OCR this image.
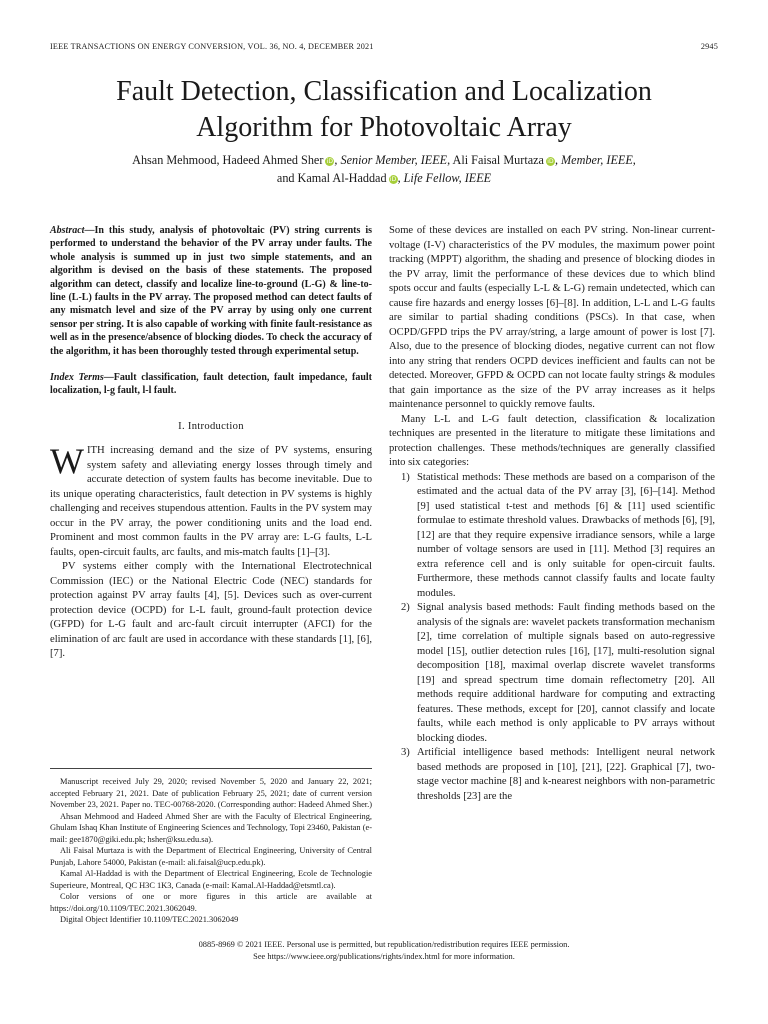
IEEE TRANSACTIONS ON ENERGY CONVERSION, VOL. 36, NO. 4, DECEMBER 2021	2945
Fault Detection, Classification and Localization
Algorithm for Photovoltaic Array
Ahsan Mehmood, Hadeed Ahmed Sher iD, Senior Member, IEEE, Ali Faisal Murtaza iD, Member, IEEE,
and Kamal Al-Haddad iD, Life Fellow, IEEE

Abstract—In this study, analysis of photovoltaic (PV) string currents is performed to understand the behavior of the PV array under faults. The whole analysis is summed up in just two simple statements, and an algorithm is devised on the basis of these statements. The proposed algorithm can detect, classify and localize line-to-ground (L-G) & line-to-line (L-L) faults in the PV array. The proposed method can detect faults of any mismatch level and size of the PV array by using only one current sensor per string. It is also capable of working with finite fault-resistance as well as in the presence/absence of blocking diodes. To check the accuracy of the algorithm, it has been thoroughly tested through experimental setup.

Index Terms—Fault classification, fault detection, fault impedance, fault localization, l-g fault, l-l fault.

I. Introduction

WITH increasing demand and the size of PV systems, ensuring system safety and alleviating energy losses through timely and accurate detection of system faults has become inevitable. Due to its unique operating characteristics, fault detection in PV systems is highly challenging and receives stupendous attention. Faults in the PV system may occur in the PV array, the power conditioning units and the load end. Prominent and most common faults in the PV array are: L-G faults, L-L faults, open-circuit faults, arc faults, and mis-match faults [1]–[3].

PV systems either comply with the International Electrotechnical Commission (IEC) or the National Electric Code (NEC) standards for protection against PV array faults [4], [5]. Devices such as over-current protection device (OCPD) for L-L fault, ground-fault protection device (GFPD) for L-G fault and arc-fault circuit interrupter (AFCI) for the elimination of arc fault are used in accordance with these standards [1], [6], [7].

Manuscript received July 29, 2020; revised November 5, 2020 and January 22, 2021; accepted February 21, 2021. Date of publication February 25, 2021; date of current version November 23, 2021. Paper no. TEC-00768-2020. (Corresponding author: Hadeed Ahmed Sher.)

Ahsan Mehmood and Hadeed Ahmed Sher are with the Faculty of Electrical Engineering, Ghulam Ishaq Khan Institute of Engineering Sciences and Technology, Topi 23460, Pakistan (e-mail: gee1870@giki.edu.pk; hsher@ksu.edu.sa).

Ali Faisal Murtaza is with the Department of Electrical Engineering, University of Central Punjab, Lahore 54000, Pakistan (e-mail: ali.faisal@ucp.edu.pk).

Kamal Al-Haddad is with the Department of Electrical Engineering, Ecole de Technologie Superieure, Montreal, QC H3C 1K3, Canada (e-mail: Kamal.Al-Haddad@etsmtl.ca).

Color versions of one or more figures in this article are available at https://doi.org/10.1109/TEC.2021.3062049.

Digital Object Identifier 10.1109/TEC.2021.3062049

Some of these devices are installed on each PV string. Non-linear current-voltage (I-V) characteristics of the PV modules, the maximum power point tracking (MPPT) algorithm, the shading and presence of blocking diodes in the PV array, limit the performance of these devices due to which blind spots occur and faults (especially L-L & L-G) remain undetected, which can cause fire hazards and energy losses [6]–[8]. In addition, L-L and L-G faults are similar to partial shading conditions (PSCs). In that case, when OCPD/GFPD trips the PV array/string, a large amount of power is lost [7]. Also, due to the presence of blocking diodes, negative current can not flow into any string that renders OCPD devices inefficient and faults can not be detected. Moreover, GFPD & OCPD can not locate faulty strings & modules that gain importance as the size of the PV array increases as it helps maintenance personnel to quickly remove faults.

Many L-L and L-G fault detection, classification & localization techniques are presented in the literature to mitigate these limitations and protection challenges. These methods/techniques are generally classified into six categories:

1) Statistical methods: These methods are based on a comparison of the estimated and the actual data of the PV array [3], [6]–[14]. Method [9] used statistical t-test and methods [6] & [11] used scientific formulae to estimate threshold values. Drawbacks of methods [6], [9], [12] are that they require expensive irradiance sensors, while a large number of voltage sensors are used in [11]. Method [3] requires an extra reference cell and is only suitable for open-circuit faults. Furthermore, these methods cannot classify faults and locate faulty modules.
2) Signal analysis based methods: Fault finding methods based on the analysis of the signals are: wavelet packets transformation mechanism [2], time correlation of multiple signals based on auto-regressive model [15], outlier detection rules [16], [17], multi-resolution signal decomposition [18], maximal overlap discrete wavelet transforms [19] and spread spectrum time domain reflectometry [20]. All methods require additional hardware for computing and extracting features. These methods, except for [20], cannot classify and locate faults, while each method is only applicable to PV arrays without blocking diodes.
3) Artificial intelligence based methods: Intelligent neural network based methods are proposed in [10], [21], [22]. Graphical [7], two-stage vector machine [8] and k-nearest neighbors with non-parametric thresholds [23] are the
0885-8969 © 2021 IEEE. Personal use is permitted, but republication/redistribution requires IEEE permission.
See https://www.ieee.org/publications/rights/index.html for more information.
